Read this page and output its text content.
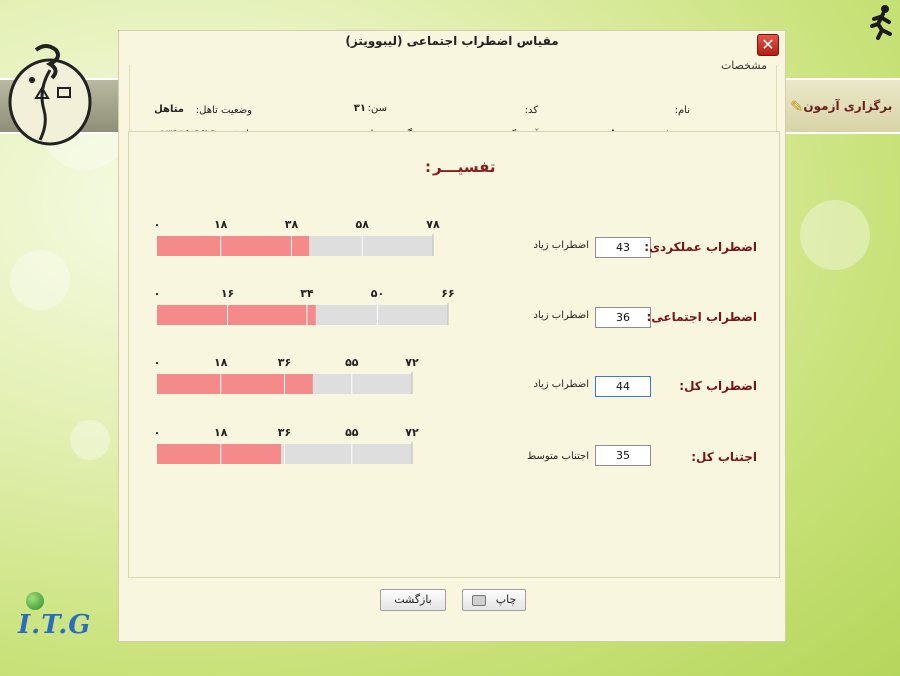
برگزاری آزمون
✎
I.T.G
مقیاس اضطراب اجتماعی (لیبوویتز)	✕
مشخصات
نام:
کد:
سن:
۳۱
وضعیت تاهل:
متاهل
تفسیـــر:
۰	۱۸	۳۸	۵۸	۷۸
اضطراب زیاد	43	اضطراب عملکردی:
۰	۱۶	۳۴	۵۰	۶۶
اضطراب زیاد	36	اضطراب اجتماعی:
۰	۱۸	۳۶	۵۵	۷۲
اضطراب زیاد	44	اضطراب کل:
۰	۱۸	۳۶	۵۵	۷۲
اجتناب متوسط	35	اجتناب کل:
بازگشت	چاپ
